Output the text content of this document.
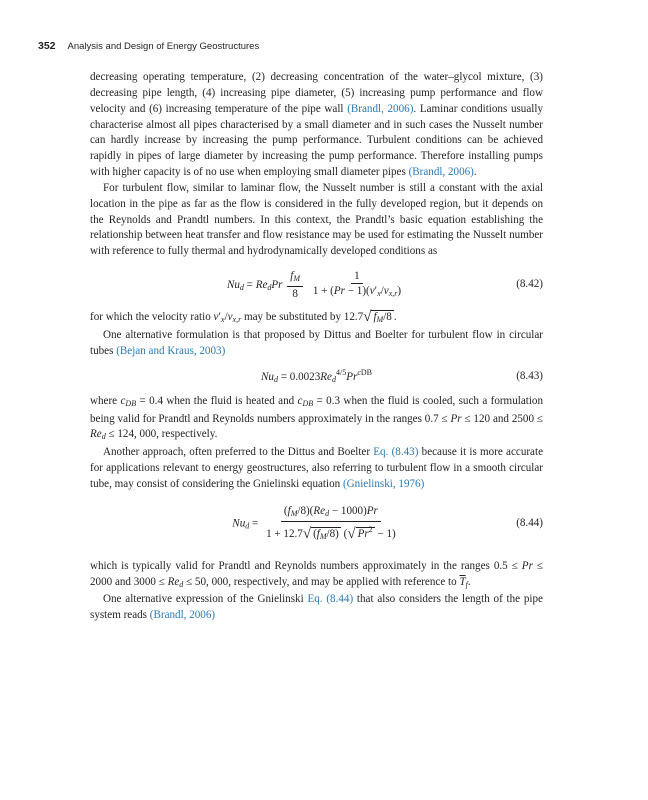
352 Analysis and Design of Energy Geostructures

decreasing operating temperature, (2) decreasing concentration of the water–glycol mixture, (3) decreasing pipe length, (4) increasing pipe diameter, (5) increasing pump performance and flow velocity and (6) increasing temperature of the pipe wall (Brandl, 2006). Laminar conditions usually characterise almost all pipes characterised by a small diameter and in such cases the Nusselt number can hardly increase by increasing the pump performance. Turbulent conditions can be achieved rapidly in pipes of large diameter by increasing the pump performance. Therefore installing pumps with higher capacity is of no use when employing small diameter pipes (Brandl, 2006).

For turbulent flow, similar to laminar flow, the Nusselt number is still a constant with the axial location in the pipe as far as the flow is considered in the fully developed region, but it depends on the Reynolds and Prandtl numbers. In this context, the Prandtl’s basic equation establishing the relationship between heat transfer and flow resistance may be used for estimating the Nusselt number with reference to fully thermal and hydrodynamically developed conditions as

$Nu_d = Re_dPr \frac{f_M}{8}$
$\frac{1}{1 + (Pr - 1)(v'_x/v_{x,r})}$	(8.42)

for which the velocity ratio $v'_x/v_{x,r}$ may be substituted by 12.7√ $f_M/8$ .

One alternative formulation is that proposed by Dittus and Boelter for turbulent flow in circular tubes (Bejan and Kraus, 2003)

$Nu_d = 0.0023Re_d^{4/5}Pr^{cDB}$	(8.43)

where $c_{DB} = 0.4$ when the fluid is heated and $c_{DB} = 0.3$ when the fluid is cooled, such a formulation being valid for Prandtl and Reynolds numbers approximately in the ranges 0.7 ≤ Pr ≤ 120 and $2500 \le Re_d \le 124$, 000, respectively.

Another approach, often preferred to the Dittus and Boelter Eq. (8.43) because it is more accurate for applications relevant to energy geostructures, also referring to turbulent flow in a smooth circular tube, may consist of considering the Gnielinski equation (Gnielinski, 1976)

$Nu_d = \frac{(f_M/8)(Re_d - 1000)Pr}{1 + 12.7√ (f_M/8) (√ Pr^2 - 1)}$	(8.44)

which is typically valid for Prandtl and Reynolds numbers approximately in the ranges 0.5 ≤ Pr ≤ 2000 and $3000 \le Re_d \le 50$, 000, respectively, and may be applied with reference to $\overline{T}_f$.

One alternative expression of the Gnielinski Eq. (8.44) that also considers the length of the pipe system reads (Brandl, 2006)
